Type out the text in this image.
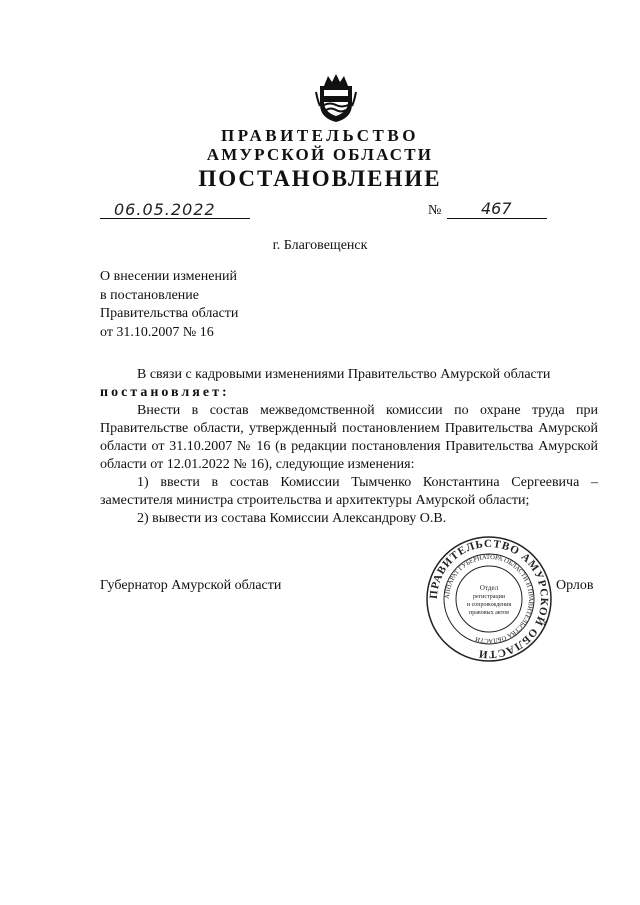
ПРАВИТЕЛЬСТВО

АМУРСКОЙ ОБЛАСТИ

ПОСТАНОВЛЕНИЕ

06.05.2022	№ 467
г. Благовещенск
О внесении изменений
в постановление
Правительства области
от 31.10.2007 № 16

В связи с кадровыми изменениями Правительство Амурской области

постановляет:

Внести в состав межведомственной комиссии по охране труда при Правительстве области, утвержденный постановлением Правительства Амурской области от 31.10.2007 № 16 (в редакции постановления Правительства Амурской области от 12.01.2022 № 16), следующие изменения:

1) ввести в состав Комиссии Тымченко Константина Сергеевича – заместителя министра строительства и архитектуры Амурской области;

2) вывести из состава Комиссии Александрову О.В.

Губернатор Амурской области	Орлов
ПРАВИТЕЛЬСТВО АМУРСКОЙ ОБЛАСТИ
АППАРАТ ГУБЕРНАТОРА ОБЛАСТИ И ПРАВИТЕЛЬСТВА ОБЛАСТИ
Отдел
регистрации
и сопровождения
правовых актов
